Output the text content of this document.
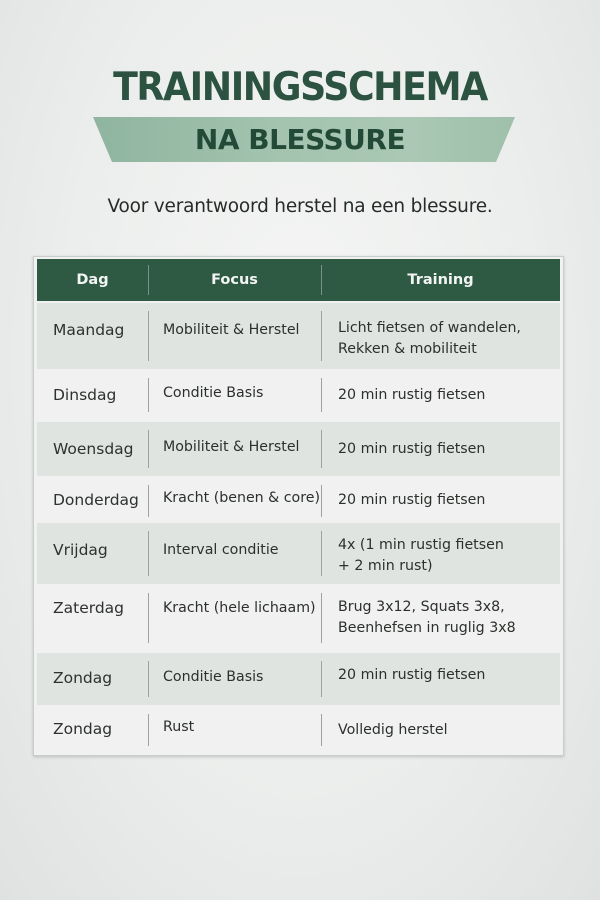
TRAININGSSCHEMA
NA BLESSURE
Voor verantwoord herstel na een blessure.
Dag	Focus	Training
Maandag	Mobiliteit & Herstel	Licht fietsen of wandelen,
Rekken & mobiliteit
Dinsdag	Conditie Basis	20 min rustig fietsen
Woensdag	Mobiliteit & Herstel	20 min rustig fietsen
Donderdag	Kracht (benen & core)	20 min rustig fietsen
Vrijdag	Interval conditie	4x (1 min rustig fietsen
+ 2 min rust)
Zaterdag	Kracht (hele lichaam)	Brug 3x12, Squats 3x8,
Beenhefsen in ruglig 3x8
Zondag	Conditie Basis	20 min rustig fietsen
Zondag	Rust	Volledig herstel
